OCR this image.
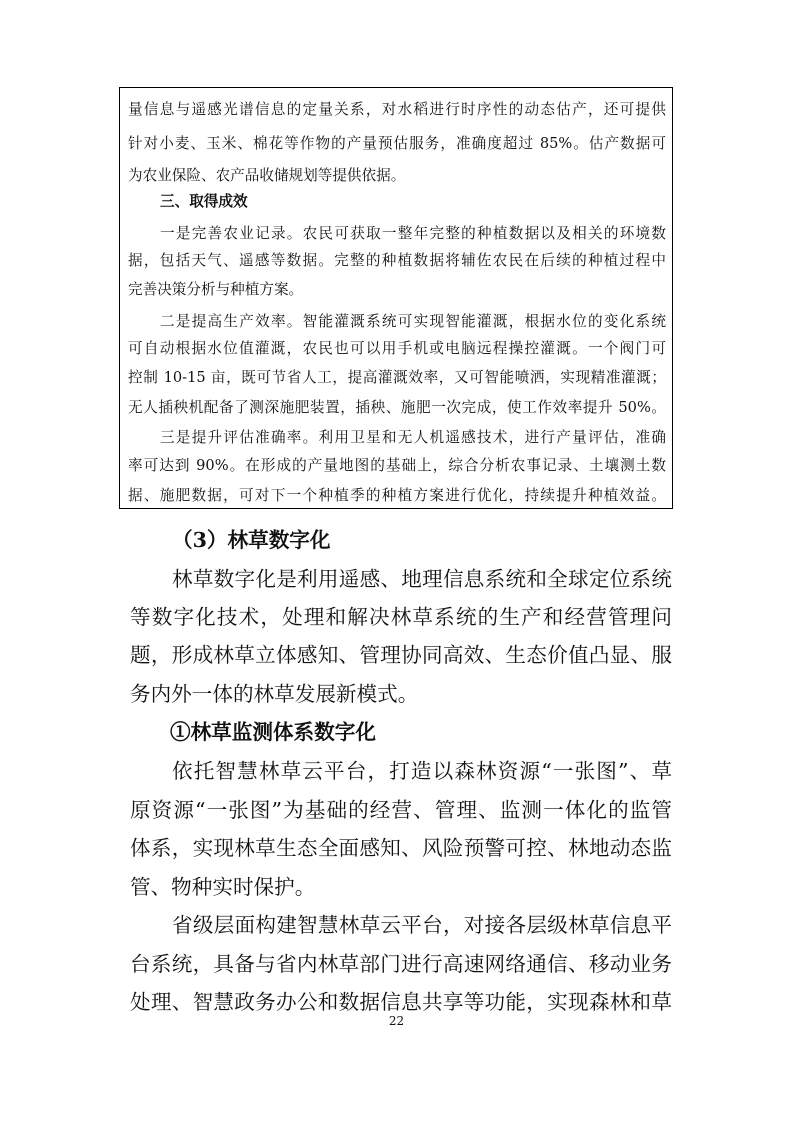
量信息与遥感光谱信息的定量关系，对水稻进行时序性的动态估产，还可提供

针对小麦、玉米、棉花等作物的产量预估服务，准确度超过 85%。估产数据可

为农业保险、农产品收储规划等提供依据。

三、取得成效

一是完善农业记录。农民可获取一整年完整的种植数据以及相关的环境数

据，包括天气、遥感等数据。完整的种植数据将辅佐农民在后续的种植过程中

完善决策分析与种植方案。

二是提高生产效率。智能灌溉系统可实现智能灌溉，根据水位的变化系统

可自动根据水位值灌溉，农民也可以用手机或电脑远程操控灌溉。一个阀门可

控制 10-15 亩，既可节省人工，提高灌溉效率，又可智能喷洒，实现精准灌溉；

无人插秧机配备了测深施肥装置，插秧、施肥一次完成，使工作效率提升 50%。

三是提升评估准确率。利用卫星和无人机遥感技术，进行产量评估，准确

率可达到 90%。在形成的产量地图的基础上，综合分析农事记录、土壤测土数

据、施肥数据，可对下一个种植季的种植方案进行优化，持续提升种植效益。

（3）林草数字化

林草数字化是利用遥感、地理信息系统和全球定位系统

等数字化技术，处理和解决林草系统的生产和经营管理问

题，形成林草立体感知、管理协同高效、生态价值凸显、服

务内外一体的林草发展新模式。

①林草监测体系数字化

依托智慧林草云平台，打造以森林资源“一张图”、草

原资源“一张图”为基础的经营、管理、监测一体化的监管

体系，实现林草生态全面感知、风险预警可控、林地动态监

管、物种实时保护。

省级层面构建智慧林草云平台，对接各层级林草信息平

台系统，具备与省内林草部门进行高速网络通信、移动业务

处理、智慧政务办公和数据信息共享等功能，实现森林和草

22
